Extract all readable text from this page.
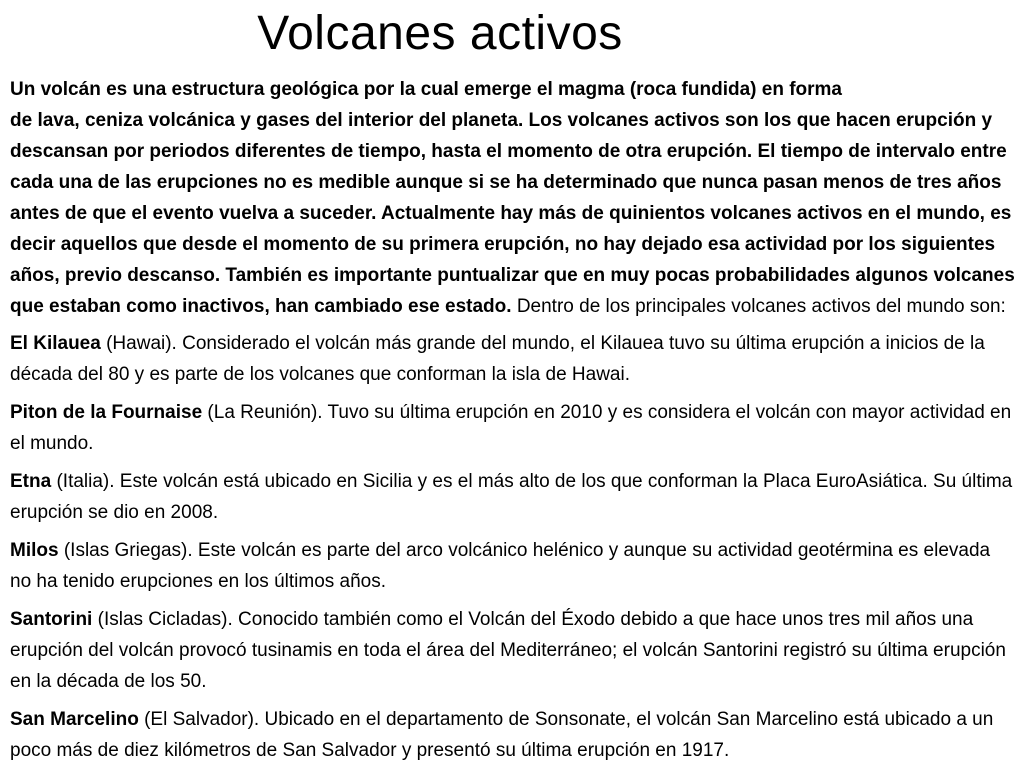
Volcanes activos

Un volcán es una estructura geológica por la cual emerge el magma (roca fundida) en forma
de lava, ceniza volcánica y gases del interior del planeta. Los volcanes activos son los que hacen erupción y descansan por periodos diferentes de tiempo, hasta el momento de otra erupción. El tiempo de intervalo entre cada una de las erupciones no es medible aunque si se ha determinado que nunca pasan menos de tres años antes de que el evento vuelva a suceder. Actualmente hay más de quinientos volcanes activos en el mundo, es decir aquellos que desde el momento de su primera erupción, no hay dejado esa actividad por los siguientes años, previo descanso. También es importante puntualizar que en muy pocas probabilidades algunos volcanes que estaban como inactivos, han cambiado ese estado. Dentro de los principales volcanes activos del mundo son:

El Kilauea (Hawai). Considerado el volcán más grande del mundo, el Kilauea tuvo su última erupción a inicios de la década del 80 y es parte de los volcanes que conforman la isla de Hawai.

Piton de la Fournaise (La Reunión). Tuvo su última erupción en 2010 y es considera el volcán con mayor actividad en el mundo.

Etna (Italia). Este volcán está ubicado en Sicilia y es el más alto de los que conforman la Placa EuroAsiática. Su última erupción se dio en 2008.

Milos (Islas Griegas). Este volcán es parte del arco volcánico helénico y aunque su actividad geotérmina es elevada no ha tenido erupciones en los últimos años.

Santorini (Islas Cicladas). Conocido también como el Volcán del Éxodo debido a que hace unos tres mil años una erupción del volcán provocó tusinamis en toda el área del Mediterráneo; el volcán Santorini registró su última erupción en la década de los 50.

San Marcelino (El Salvador). Ubicado en el departamento de Sonsonate, el volcán San Marcelino está ubicado a un poco más de diez kilómetros de San Salvador y presentó su última erupción en 1917.
